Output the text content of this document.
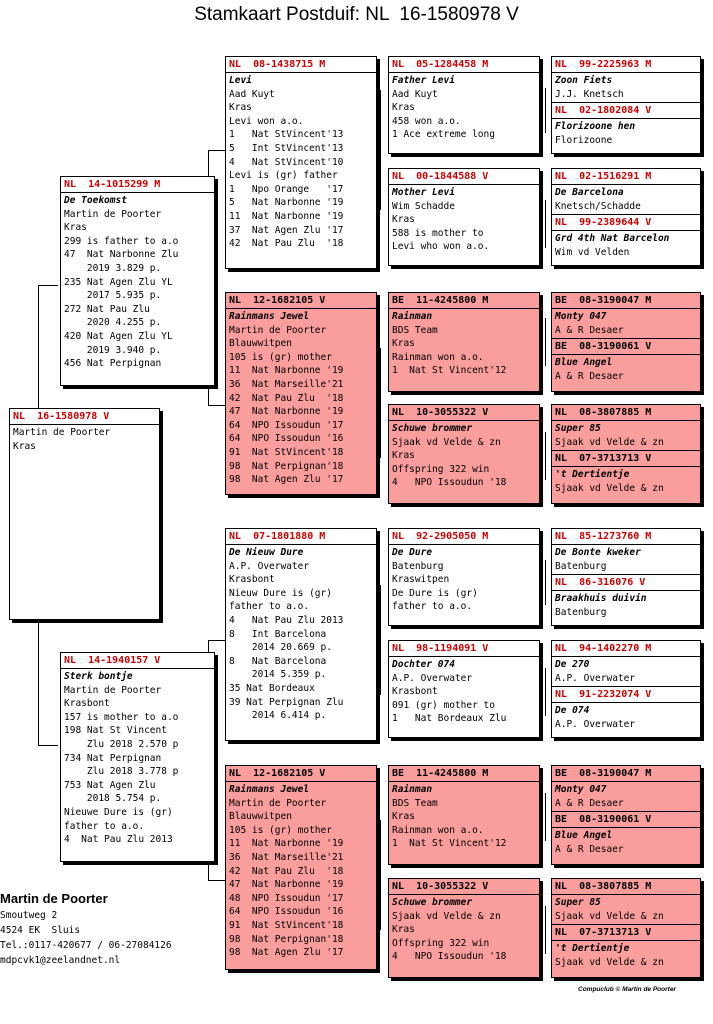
Stamkaart Postduif: NL  16-1580978 V
NL  16-1580978 V
Martin de Poorter
Kras
NL  14-1015299 M
De Toekomst
Martin de Poorter
Kras
299 is father to a.o
47  Nat Narbonne Zlu
2019 3.829 p.
235 Nat Agen Zlu YL
2017 5.935 p.
272 Nat Pau Zlu
2020 4.255 p.
420 Nat Agen Zlu YL
2019 3.940 p.
456 Nat Perpignan
NL  14-1940157 V
Sterk bontje
Martin de Poorter
Krasbont
157 is mother to a.o
198 Nat St Vincent
Zlu 2018 2.570 p
734 Nat Perpignan
Zlu 2018 3.778 p
753 Nat Agen Zlu
2018 5.754 p.
Nieuwe Dure is (gr)
father to a.o.
4  Nat Pau Zlu 2013
NL  08-1438715 M
Levi
Aad Kuyt
Kras
Levi won a.o.
1   Nat StVincent'13
5   Int StVincent'13
4   Nat StVincent'10
Levi is (gr) father
1   Npo Orange   '17
5   Nat Narbonne '19
11  Nat Narbonne '19
37  Nat Agen Zlu '17
42  Nat Pau Zlu  '18
NL  12-1682105 V
Rainmans Jewel
Martin de Poorter
Blauwwitpen
105 is (gr) mother
11  Nat Narbonne '19
36  Nat Marseille'21
42  Nat Pau Zlu  '18
47  Nat Narbonne '19
64  NPO Issoudun '17
64  NPO Issoudun '16
91  Nat StVincent'18
98  Nat Perpignan'18
98  Nat Agen Zlu '17
NL  07-1801880 M
De Nieuw Dure
A.P. Overwater
Krasbont
Nieuw Dure is (gr)
father to a.o.
4   Nat Pau Zlu 2013
8   Int Barcelona
2014 20.669 p.
8   Nat Barcelona
2014 5.359 p.
35 Nat Bordeaux
39 Nat Perpignan Zlu
2014 6.414 p.
NL  12-1682105 V
Rainmans Jewel
Martin de Poorter
Blauwwitpen
105 is (gr) mother
11  Nat Narbonne '19
36  Nat Marseille'21
42  Nat Pau Zlu  '18
47  Nat Narbonne '19
48  NPO Issoudun '17
64  NPO Issoudun '16
91  Nat StVincent'18
98  Nat Perpignan'18
98  Nat Agen Zlu '17
NL  05-1284458 M
Father Levi
Aad Kuyt
Kras
458 won a.o.
1 Ace extreme long
NL  00-1844588 V
Mother Levi
Wim Schadde
Kras
588 is mother to
Levi who won a.o.
BE  11-4245800 M
Rainman
BDS Team
Kras
Rainman won a.o.
1  Nat St Vincent'12
NL  10-3055322 V
Schuwe brommer
Sjaak vd Velde & zn
Kras
Offspring 322 win
4   NPO Issoudun '18
NL  92-2905050 M
De Dure
Batenburg
Kraswitpen
De Dure is (gr)
father to a.o.
NL  98-1194091 V
Dochter 074
A.P. Overwater
Krasbont
091 (gr) mother to
1   Nat Bordeaux Zlu
BE  11-4245800 M
Rainman
BDS Team
Kras
Rainman won a.o.
1  Nat St Vincent'12
NL  10-3055322 V
Schuwe brommer
Sjaak vd Velde & zn
Kras
Offspring 322 win
4   NPO Issoudun '18
NL  99-2225963 M
Zoon Fiets
J.J. Knetsch
NL  02-1802084 V
Florizoone hen
Florizoone
NL  02-1516291 M
De Barcelona
Knetsch/Schadde
NL  99-2389644 V
Grd 4th Nat Barcelon
Wim vd Velden
BE  08-3190047 M
Monty 047
A & R Desaer
BE  08-3190061 V
Blue Angel
A & R Desaer
NL  08-3807885 M
Super 85
Sjaak vd Velde & zn
NL  07-3713713 V
't Dertientje
Sjaak vd Velde & zn
NL  85-1273760 M
De Bonte kweker
Batenburg
NL  86-316076 V
Braakhuis duivin
Batenburg
NL  94-1402270 M
De 270
A.P. Overwater
NL  91-2232074 V
De 074
A.P. Overwater
BE  08-3190047 M
Monty 047
A & R Desaer
BE  08-3190061 V
Blue Angel
A & R Desaer
NL  08-3807885 M
Super 85
Sjaak vd Velde & zn
NL  07-3713713 V
't Dertientje
Sjaak vd Velde & zn
Martin de Poorter
Smoutweg 2
4524 EK  Sluis
Tel.:0117-420677 / 06-27084126
mdpcvk1@zeelandnet.nl
Compuclub © Martin de Poorter
